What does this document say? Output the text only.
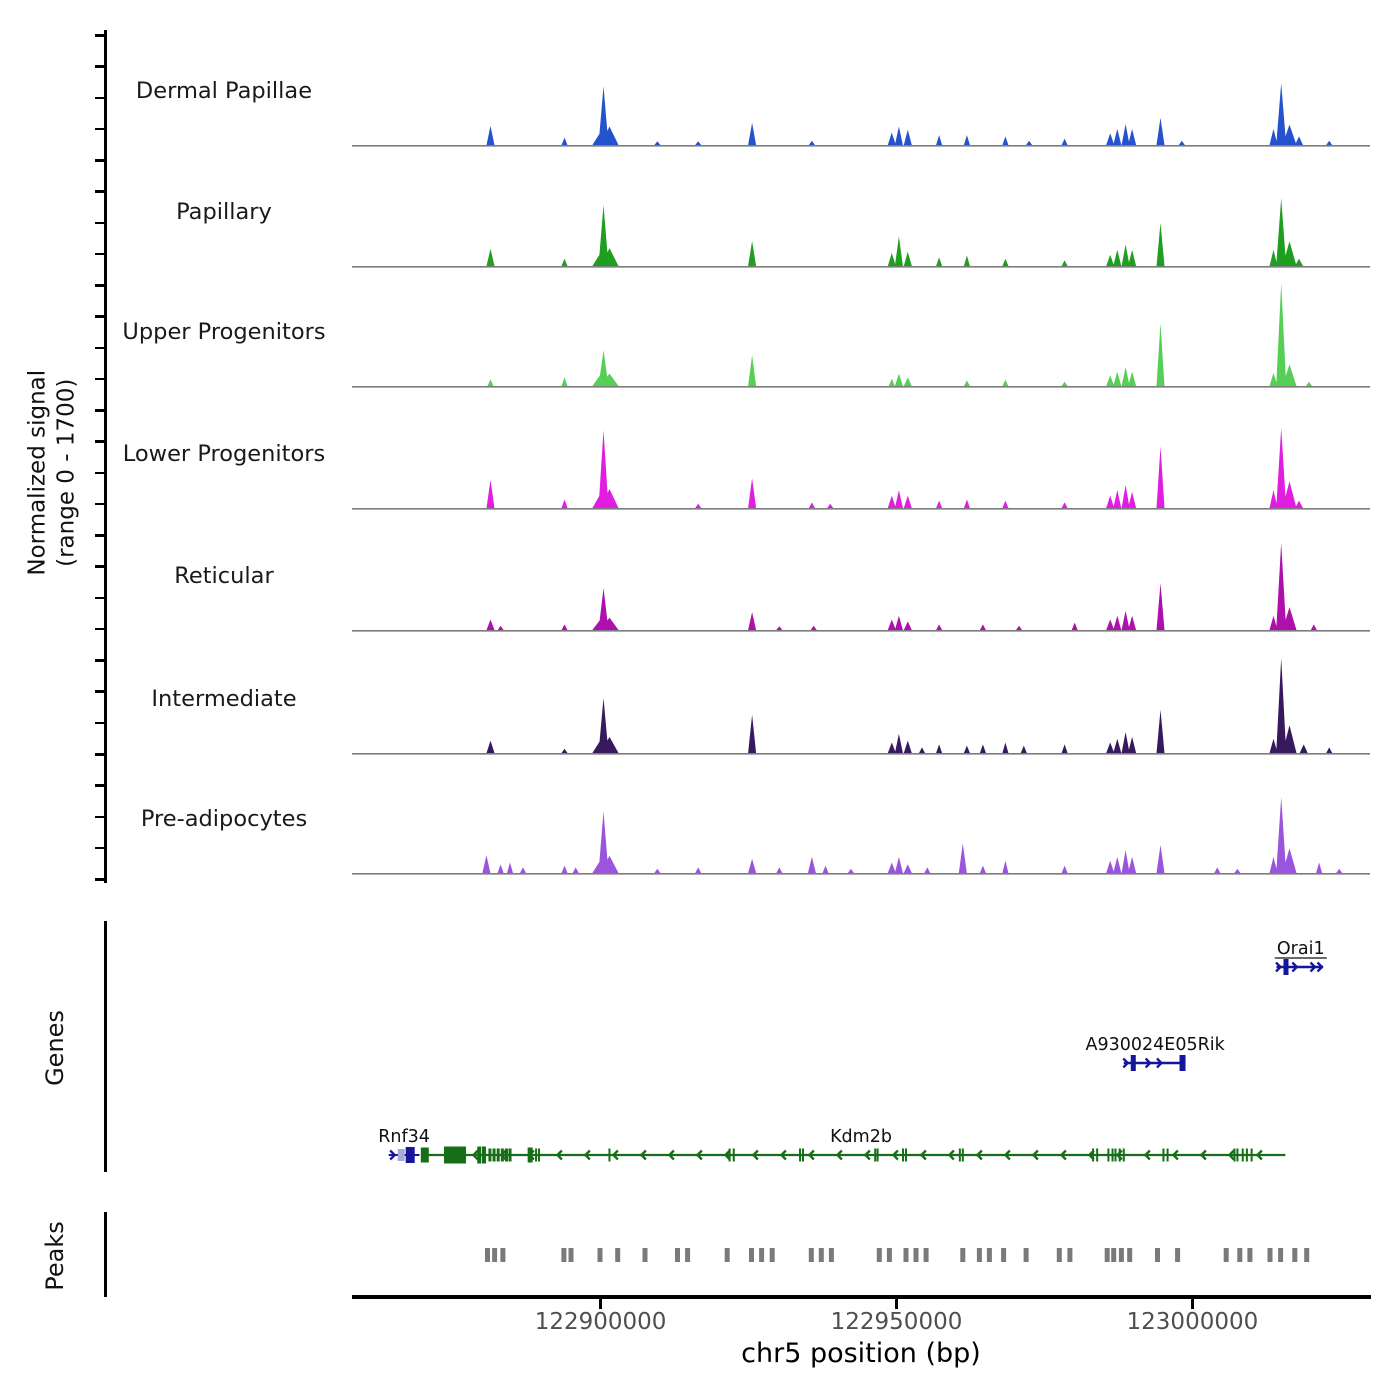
Normalized signal (range 0 - 1700)
Genes
Peaks
chr5 position (bp)
Orai1
A930024E05Rik
Rnf34	Kdm2b
Dermal Papillae
Papillary
Upper Progenitors
Lower Progenitors
Reticular
Intermediate
Pre-adipocytes
122900000	122950000	123000000
